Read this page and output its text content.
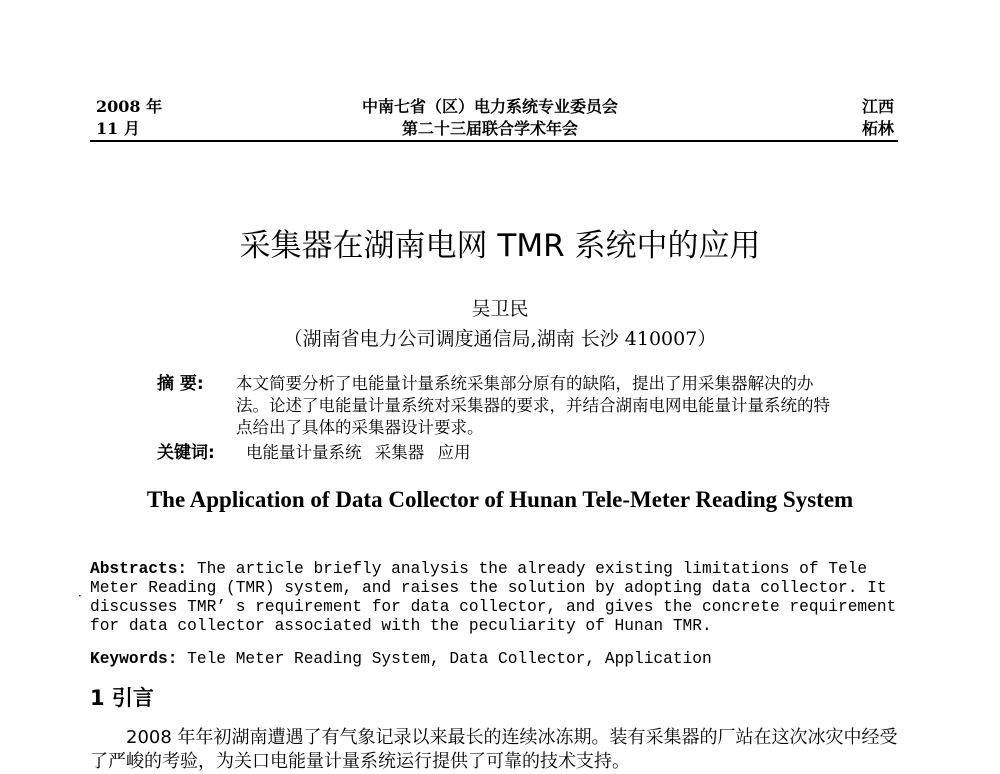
2008 年
11 月
中南七省（区）电力系统专业委员会
第二十三届联合学术年会
江西
柘林
采集器在湖南电网 TMR 系统中的应用
吴卫民
（湖南省电力公司调度通信局,湖南 长沙 410007）
摘 要: 本文简要分析了电能量计量系统采集部分原有的缺陷，提出了用采集器解决的办法。论述了电能量计量系统对采集器的要求，并结合湖南电网电能量计量系统的特点给出了具体的采集器设计要求。
关键词: 电能量计量系统 采集器 应用
The Application of Data Collector of Hunan Tele-Meter Reading System
·
Abstracts: The article briefly analysis the already existing limitations of Tele Meter Reading (TMR) system, and raises the solution by adopting data collector. It discusses TMR’ s requirement for data collector, and gives the concrete requirement for data collector associated with the peculiarity of Hunan TMR.
Keywords: Tele Meter Reading System, Data Collector, Application
1 引言
2008 年年初湖南遭遇了有气象记录以来最长的连续冰冻期。装有采集器的厂站在这次冰灾中经受了严峻的考验，为关口电能量计量系统运行提供了可靠的技术支持。
